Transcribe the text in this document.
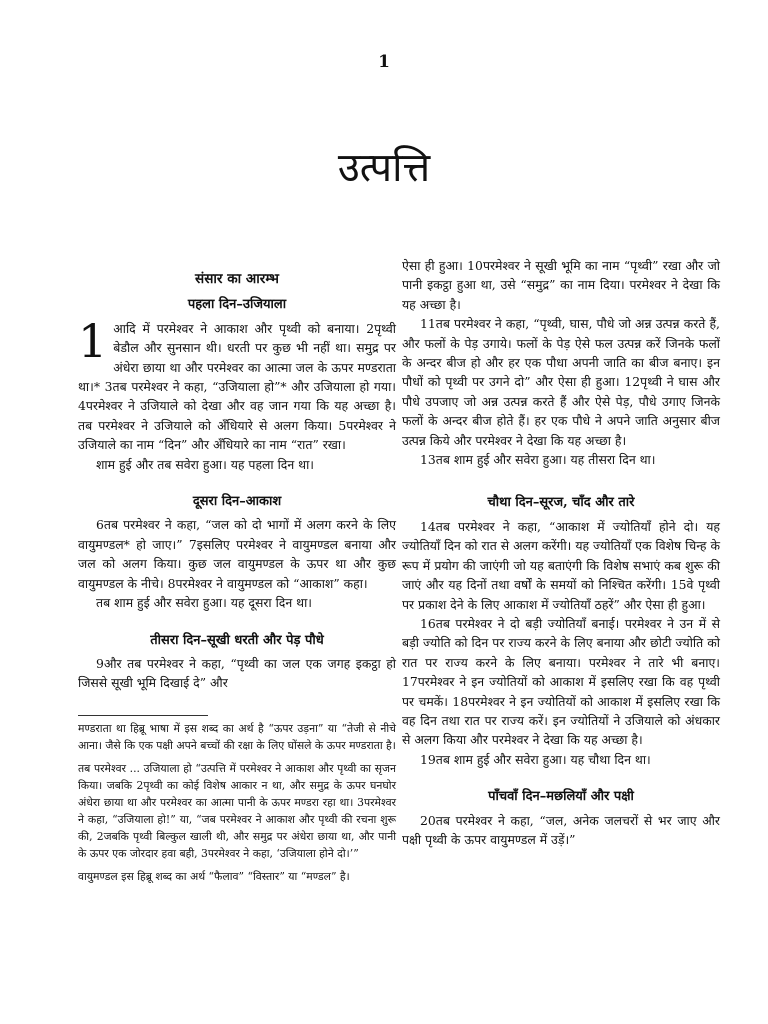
1
उत्पत्ति
संसार का आरम्भ
पहला दिन–उजियाला

1 आदि में परमेश्वर ने आकाश और पृथ्वी को बनाया। 2पृथ्वी बेडौल और सुनसान थी। धरती पर कुछ भी नहीं था। समुद्र पर अंधेरा छाया था और परमेश्वर का आत्मा जल के ऊपर मण्डराता था।* 3तब परमेश्वर ने कहा, “उजियाला हो”* और उजियाला हो गया। 4परमेश्वर ने उजियाले को देखा और वह जान गया कि यह अच्छा है। तब परमेश्वर ने उजियाले को अँधियारे से अलग किया। 5परमेश्वर ने उजियाले का नाम “दिन” और अँधियारे का नाम “रात” रखा।

शाम हुई और तब सवेरा हुआ। यह पहला दिन था।

दूसरा दिन–आकाश

6तब परमेश्वर ने कहा, “जल को दो भागों में अलग करने के लिए वायुमण्डल* हो जाए।” 7इसलिए परमेश्वर ने वायुमण्डल बनाया और जल को अलग किया। कुछ जल वायुमण्डल के ऊपर था और कुछ वायुमण्डल के नीचे। 8परमेश्वर ने वायुमण्डल को “आकाश” कहा।

तब शाम हुई और सवेरा हुआ। यह दूसरा दिन था।

तीसरा दिन–सूखी धरती और पेड़ पौधे

9और तब परमेश्वर ने कहा, “पृथ्वी का जल एक जगह इकट्ठा हो जिससे सूखी भूमि दिखाई दे” और

मण्डराता था हिब्रू भाषा में इस शब्द का अर्थ है “ऊपर उड़ना” या “तेजी से नीचे आना। जैसे कि एक पक्षी अपने बच्चों की रक्षा के लिए घोंसले के ऊपर मण्डराता है।

तब परमेश्वर ... उजियाला हो “उत्पत्ति में परमेश्वर ने आकाश और पृथ्वी का सृजन किया। जबकि 2पृथ्वी का कोई विशेष आकार न था, और समुद्र के ऊपर घनघोर अंधेरा छाया था और परमेश्वर का आत्मा पानी के ऊपर मण्डरा रहा था। 3परमेश्वर ने कहा, “उजियाला हो!” या, “जब परमेश्वर ने आकाश और पृथ्वी की रचना शुरू की, 2जबकि पृथ्वी बिल्कुल खाली थी, और समुद्र पर अंधेरा छाया था, और पानी के ऊपर एक जोरदार हवा बही, 3परमेश्वर ने कहा, ‘उजियाला होने दो।’”

वायुमण्डल इस हिब्रू शब्द का अर्थ “फैलाव” “विस्तार” या “मण्डल” है।

ऐसा ही हुआ। 10परमेश्वर ने सूखी भूमि का नाम “पृथ्वी” रखा और जो पानी इकट्ठा हुआ था, उसे “समुद्र” का नाम दिया। परमेश्वर ने देखा कि यह अच्छा है।

11तब परमेश्वर ने कहा, “पृथ्वी, घास, पौधे जो अन्न उत्पन्न करते हैं, और फलों के पेड़ उगाये। फलों के पेड़ ऐसे फल उत्पन्न करें जिनके फलों के अन्दर बीज हो और हर एक पौधा अपनी जाति का बीज बनाए। इन पौधों को पृथ्वी पर उगने दो” और ऐसा ही हुआ। 12पृथ्वी ने घास और पौधे उपजाए जो अन्न उत्पन्न करते हैं और ऐसे पेड़, पौधे उगाए जिनके फलों के अन्दर बीज होते हैं। हर एक पौधे ने अपने जाति अनुसार बीज उत्पन्न किये और परमेश्वर ने देखा कि यह अच्छा है।

13तब शाम हुई और सवेरा हुआ। यह तीसरा दिन था।

चौथा दिन–सूरज, चाँद और तारे

14तब परमेश्वर ने कहा, “आकाश में ज्योतियाँ होने दो। यह ज्योतियाँ दिन को रात से अलग करेंगी। यह ज्योतियाँ एक विशेष चिन्ह के रूप में प्रयोग की जाएंगी जो यह बताएंगी कि विशेष सभाएं कब शुरू की जाएं और यह दिनों तथा वर्षों के समयों को निश्चित करेंगी। 15वे पृथ्वी पर प्रकाश देने के लिए आकाश में ज्योतियाँ ठहरें” और ऐसा ही हुआ।

16तब परमेश्वर ने दो बड़ी ज्योतियाँ बनाई। परमेश्वर ने उन में से बड़ी ज्योति को दिन पर राज्य करने के लिए बनाया और छोटी ज्योति को रात पर राज्य करने के लिए बनाया। परमेश्वर ने तारे भी बनाए। 17परमेश्वर ने इन ज्योतियों को आकाश में इसलिए रखा कि वह पृथ्वी पर चमकें। 18परमेश्वर ने इन ज्योतियों को आकाश में इसलिए रखा कि वह दिन तथा रात पर राज्य करें। इन ज्योतियों ने उजियाले को अंधकार से अलग किया और परमेश्वर ने देखा कि यह अच्छा है।

19तब शाम हुई और सवेरा हुआ। यह चौथा दिन था।

पाँचवाँ दिन–मछलियाँ और पक्षी

20तब परमेश्वर ने कहा, “जल, अनेक जलचरों से भर जाए और पक्षी पृथ्वी के ऊपर वायुमण्डल में उड़ें।”
